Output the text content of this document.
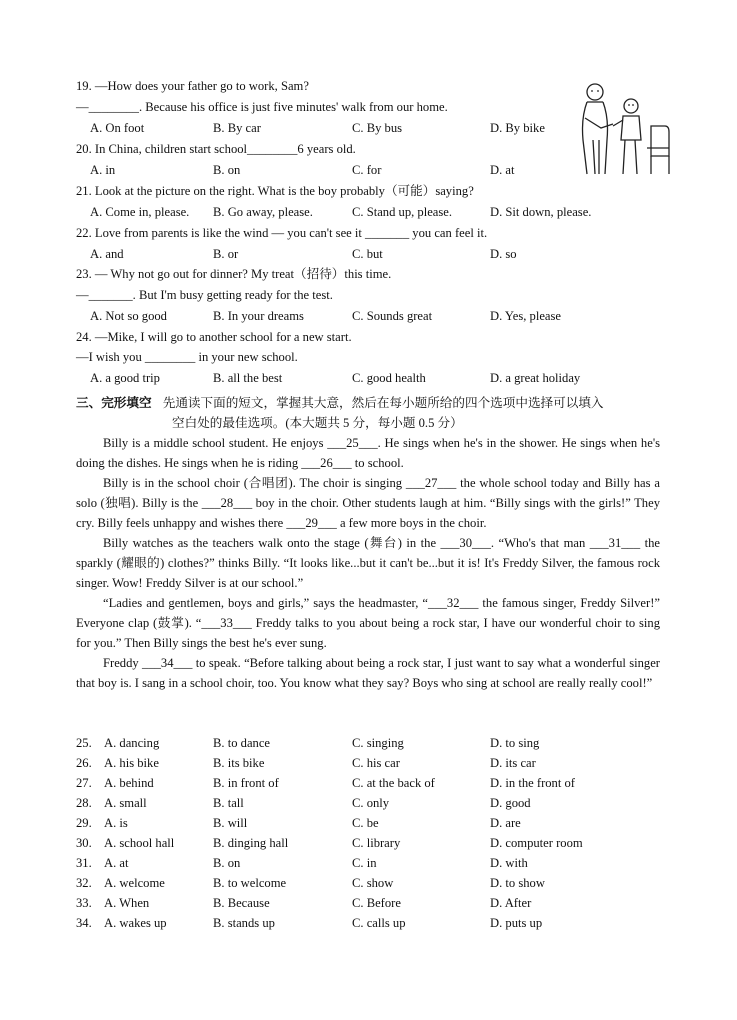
19. —How does your father go to work, Sam?
—________. Because his office is just five minutes' walk from our home.
A. On foot	B. By car	C. By bus	D. By bike
20. In China, children start school________6 years old.
A. in	B. on	C. for	D. at
21. Look at the picture on the right. What is the boy probably（可能）saying?
A. Come in, please. B. Go away, please.	C. Stand up, please.	D. Sit down, please.
22. Love from parents is like the wind — you can't see it _______ you can feel it.
A. and	B. or	C. but	D. so
23. — Why not go out for dinner? My treat（招待）this time.
—_______. But I'm busy getting ready for the test.
A. Not so good	B. In your dreams	C. Sounds great	D. Yes, please
24. —Mike, I will go to another school for a new start.
—I wish you ________ in your new school.
A. a good trip	B. all the best	C. good health	D. a great holiday
三、完形填空 先通读下面的短文，掌握其大意，然后在每小题所给的四个选项中选择可以填入
空白处的最佳选项。(本大题共 5 分，每小题 0.5 分）

Billy is a middle school student. He enjoys ___25___. He sings when he's in the shower. He sings when he's doing the dishes. He sings when he is riding ___26___ to school.

Billy is in the school choir (合唱团). The choir is singing ___27___ the whole school today and Billy has a solo (独唱). Billy is the ___28___ boy in the choir. Other students laugh at him. “Billy sings with the girls!” They cry. Billy feels unhappy and wishes there ___29___ a few more boys in the choir.

Billy watches as the teachers walk onto the stage (舞台) in the ___30___. “Who's that man ___31___ the sparkly (耀眼的) clothes?” thinks Billy. “It looks like...but it can't be...but it is! It's Freddy Silver, the famous rock singer. Wow! Freddy Silver is at our school.”

“Ladies and gentlemen, boys and girls,” says the headmaster, “___32___ the famous singer, Freddy Silver!” Everyone clap (鼓掌). “___33___ Freddy talks to you about being a rock star, I have our wonderful choir to sing for you.” Then Billy sings the best he's ever sung.

Freddy ___34___ to speak. “Before talking about being a rock star, I just want to say what a wonderful singer that boy is. I sang in a school choir, too. You know what they say? Boys who sing at school are really really cool!”

25. A. dancing	B. to dance	C. singing	D. to sing
26. A. his bike	B. its bike	C. his car	D. its car
27. A. behind	B. in front of	C. at the back of	D. in the front of
28. A. small	B. tall	C. only	D. good
29. A. is	B. will	C. be	D. are
30. A. school hall	B. dinging hall	C. library	D. computer room
31. A. at	B. on	C. in	D. with
32. A. welcome	B. to welcome	C. show	D. to show
33. A. When	B. Because	C. Before	D. After
34. A. wakes up	B. stands up	C. calls up	D. puts up
